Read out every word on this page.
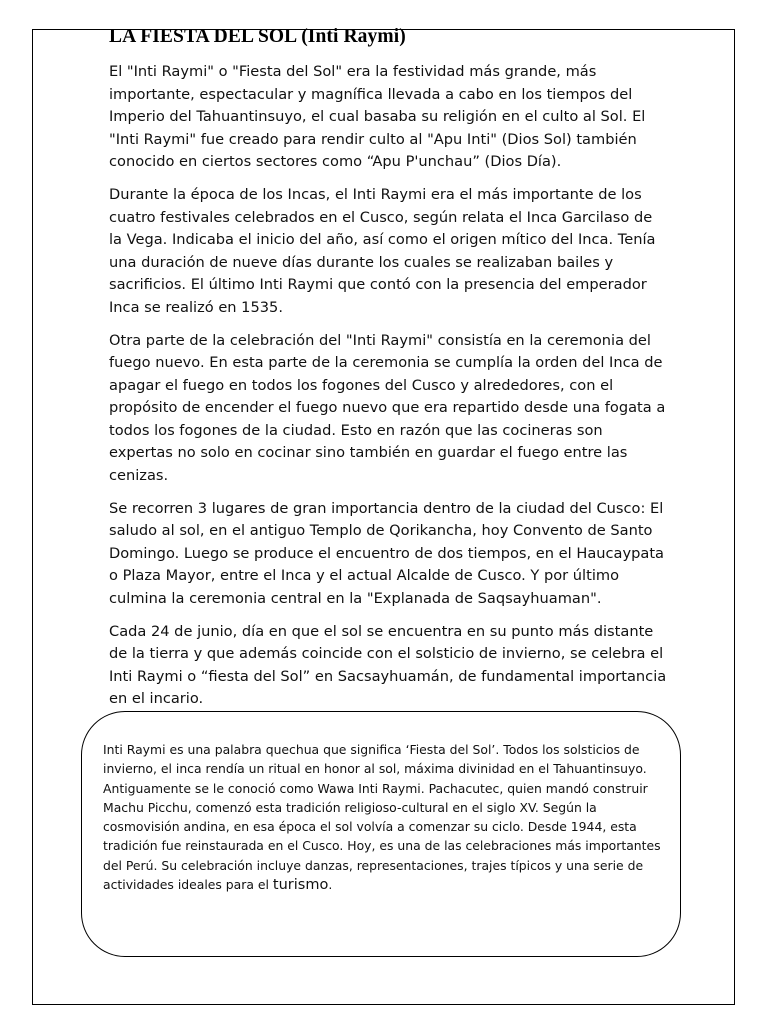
LA FIESTA DEL SOL (Inti Raymi)

El "Inti Raymi" o "Fiesta del Sol" era la festividad más grande, más importante, espectacular y magnífica llevada a cabo en los tiempos del Imperio del Tahuantinsuyo, el cual basaba su religión en el culto al Sol. El "Inti Raymi" fue creado para rendir culto al "Apu Inti" (Dios Sol) también conocido en ciertos sectores como “Apu P'unchau” (Dios Día).

Durante la época de los Incas, el Inti Raymi era el más importante de los cuatro festivales celebrados en el Cusco, según relata el Inca Garcilaso de la Vega. Indicaba el inicio del año, así como el origen mítico del Inca. Tenía una duración de nueve días durante los cuales se realizaban bailes y sacrificios. El último Inti Raymi que contó con la presencia del emperador Inca se realizó en 1535.

Otra parte de la celebración del "Inti Raymi" consistía en la ceremonia del fuego nuevo. En esta parte de la ceremonia se cumplía la orden del Inca de apagar el fuego en todos los fogones del Cusco y alrededores, con el propósito de encender el fuego nuevo que era repartido desde una fogata a todos los fogones de la ciudad. Esto en razón que las cocineras son expertas no solo en cocinar sino también en guardar el fuego entre las cenizas.

Se recorren 3 lugares de gran importancia dentro de la ciudad del Cusco: El saludo al sol, en el antiguo Templo de Qorikancha, hoy Convento de Santo Domingo. Luego se produce el encuentro de dos tiempos, en el Haucaypata o Plaza Mayor, entre el Inca y el actual Alcalde de Cusco. Y por último culmina la ceremonia central en la "Explanada de Saqsayhuaman".

Cada 24 de junio, día en que el sol se encuentra en su punto más distante de la tierra y que además coincide con el solsticio de invierno, se celebra el Inti Raymi o “fiesta del Sol” en Sacsayhuamán, de fundamental importancia en el incario.

Inti Raymi es una palabra quechua que significa ‘Fiesta del Sol’. Todos los solsticios de invierno, el inca rendía un ritual en honor al sol, máxima divinidad en el Tahuantinsuyo. Antiguamente se le conoció como Wawa Inti Raymi. Pachacutec, quien mandó construir Machu Picchu, comenzó esta tradición religioso-cultural en el siglo XV. Según la cosmovisión andina, en esa época el sol volvía a comenzar su ciclo. Desde 1944, esta tradición fue reinstaurada en el Cusco. Hoy, es una de las celebraciones más importantes del Perú. Su celebración incluye danzas, representaciones, trajes típicos y una serie de actividades ideales para el turismo.
